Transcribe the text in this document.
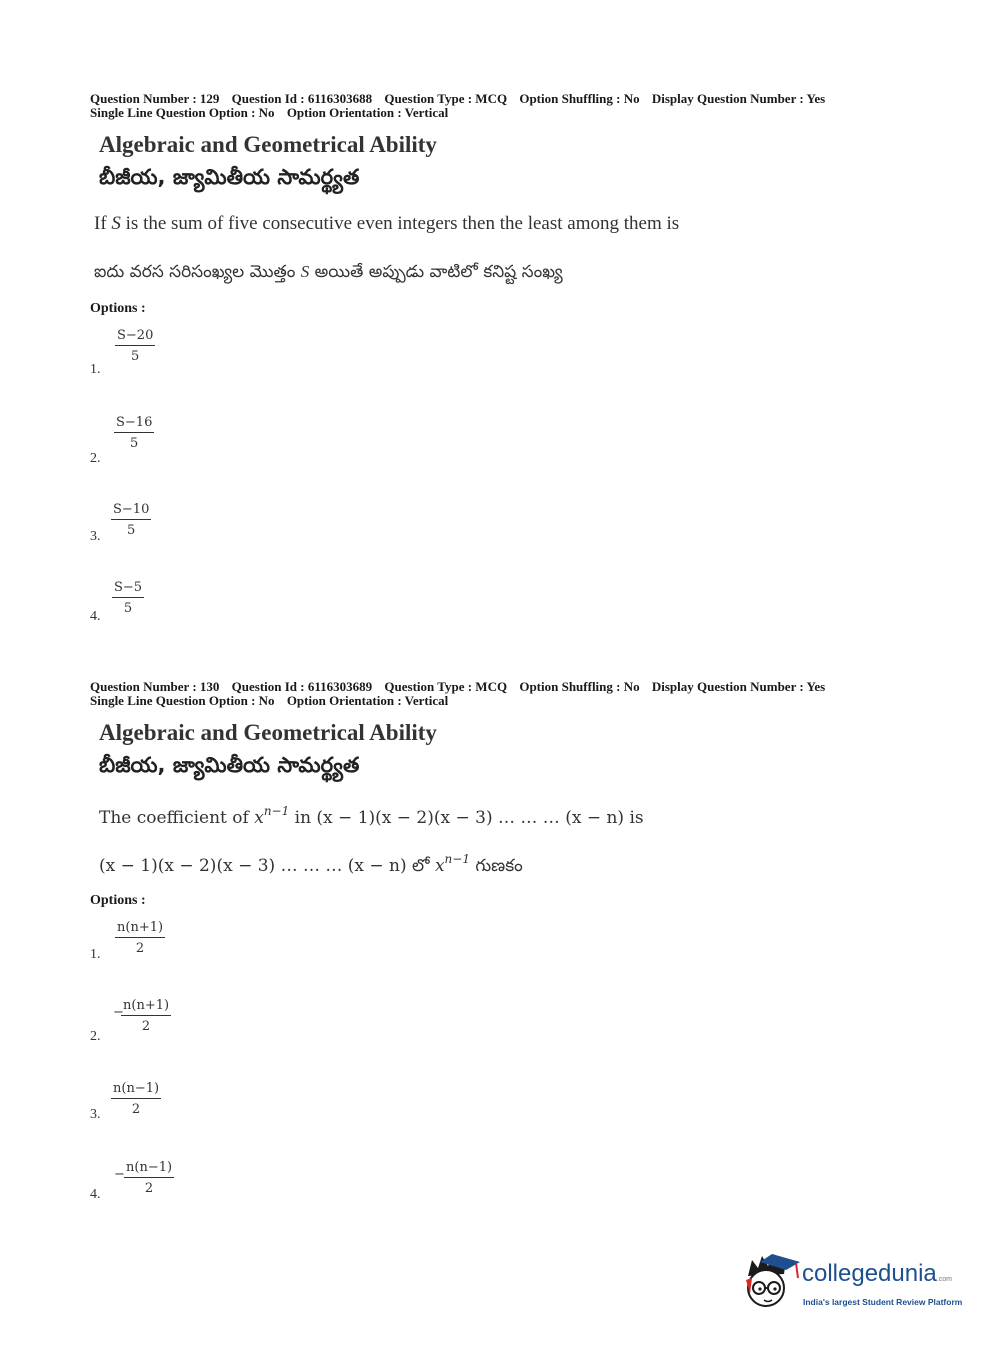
Question Number : 129 Question Id : 6116303688 Question Type : MCQ Option Shuffling : No Display Question Number : Yes
Single Line Question Option : No Option Orientation : Vertical
Algebraic and Geometrical Ability
బీజీయ, జ్యామితీయ సామర్థ్యత
If S is the sum of five consecutive even integers then the least among them is
ఐదు వరస సరిసంఖ్యల మొత్తం S అయితే అప్పుడు వాటిలో కనిష్ట సంఖ్య
Options :
1.
$\frac{S-20}{5}$
2.
$\frac{S-16}{5}$
3. $\frac{S-10}{5}$
4.
$\frac{S-5}{5}$
Question Number : 130 Question Id : 6116303689 Question Type : MCQ Option Shuffling : No Display Question Number : Yes
Single Line Question Option : No Option Orientation : Vertical
Algebraic and Geometrical Ability
బీజీయ, జ్యామితీయ సామర్థ్యత
The coefficient of $x^{n-1}$ in (x − 1)(x − 2)(x − 3) … … … (x − n) is
(x − 1)(x − 2)(x − 3) … … … (x − n) లో $x^{n-1}$ గుణకం
Options :
1. $\frac{n(n+1)}{2}$
2.
−
$\frac{n(n+1)}{2}$
3. $\frac{n(n-1)}{2}$
4.
− $\frac{n(n-1)}{2}$
collegedunia.com
India's largest Student Review Platform
